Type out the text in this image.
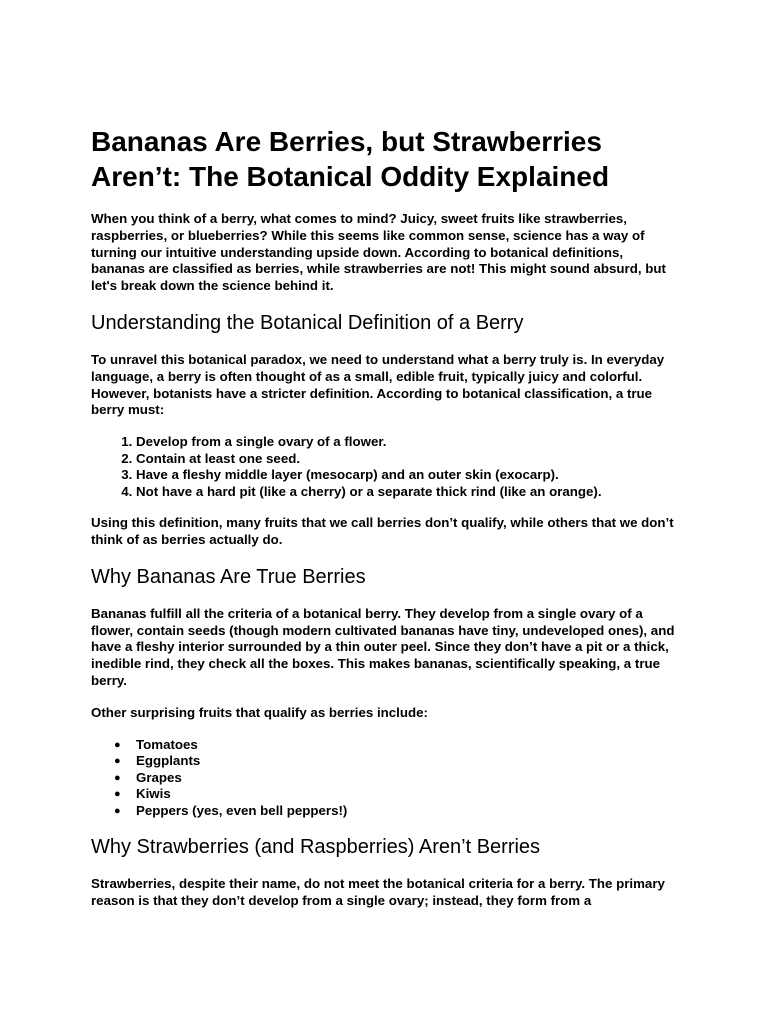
Bananas Are Berries, but Strawberries Aren’t: The Botanical Oddity Explained

When you think of a berry, what comes to mind? Juicy, sweet fruits like strawberries, raspberries, or blueberries? While this seems like common sense, science has a way of turning our intuitive understanding upside down. According to botanical definitions, bananas are classified as berries, while strawberries are not! This might sound absurd, but let's break down the science behind it.

Understanding the Botanical Definition of a Berry

To unravel this botanical paradox, we need to understand what a berry truly is. In everyday language, a berry is often thought of as a small, edible fruit, typically juicy and colorful. However, botanists have a stricter definition. According to botanical classification, a true berry must:

1. Develop from a single ovary of a flower.
2. Contain at least one seed.
3. Have a fleshy middle layer (mesocarp) and an outer skin (exocarp).
4. Not have a hard pit (like a cherry) or a separate thick rind (like an orange).

Using this definition, many fruits that we call berries don’t qualify, while others that we don’t think of as berries actually do.

Why Bananas Are True Berries

Bananas fulfill all the criteria of a botanical berry. They develop from a single ovary of a flower, contain seeds (though modern cultivated bananas have tiny, undeveloped ones), and have a fleshy interior surrounded by a thin outer peel. Since they don’t have a pit or a thick, inedible rind, they check all the boxes. This makes bananas, scientifically speaking, a true berry.

Other surprising fruits that qualify as berries include:

● Tomatoes
● Eggplants
● Grapes
● Kiwis
● Peppers (yes, even bell peppers!)
Why Strawberries (and Raspberries) Aren’t Berries

Strawberries, despite their name, do not meet the botanical criteria for a berry. The primary reason is that they don’t develop from a single ovary; instead, they form from a
